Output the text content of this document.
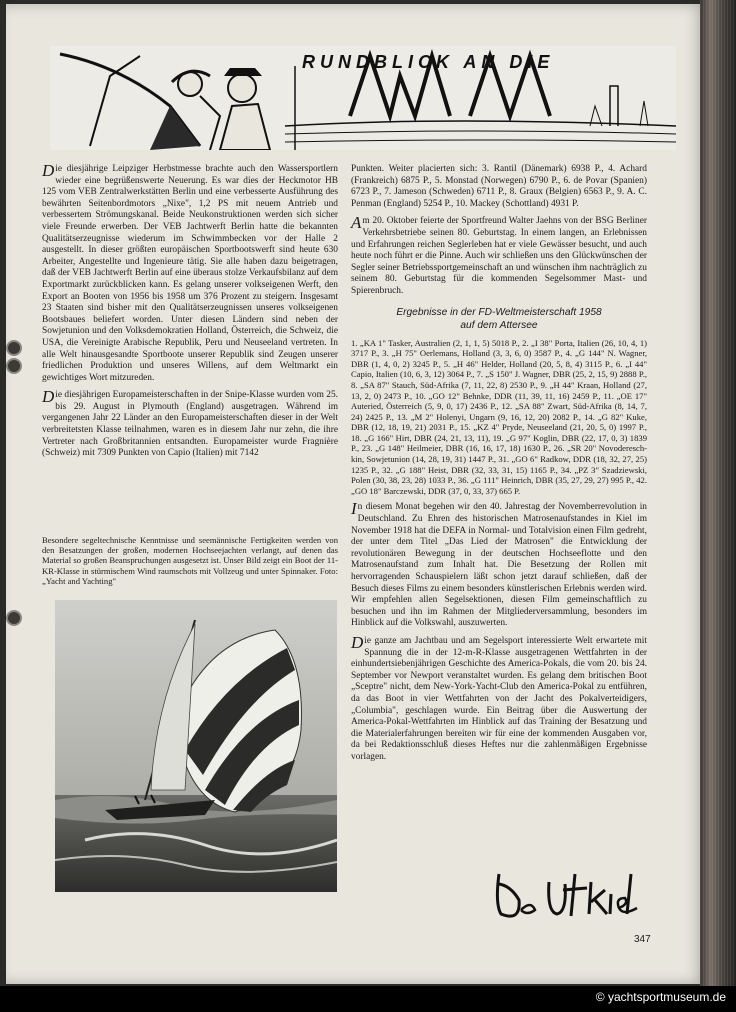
RUNDBLICK AN DIE

Die diesjährige Leipziger Herbstmesse brachte auch den Wassersportlern wieder eine begrüßenswerte Neuerung. Es war dies der Heckmotor HB 125 vom VEB Zentralwerkstätten Berlin und eine verbesserte Ausführung des bewährten Seitenbordmotors „Nixe", 1,2 PS mit neuem Antrieb und verbessertem Strömungskanal. Beide Neukonstruktionen werden sich sicher viele Freunde erwerben. Der VEB Jachtwerft Berlin hatte die bekannten Qualitätserzeugnisse wiederum im Schwimmbecken vor der Halle 2 ausgestellt. In dieser größten europäischen Sportbootswerft sind heute 630 Arbeiter, Angestellte und Ingenieure tätig. Sie alle haben dazu beigetragen, daß der VEB Jachtwerft Berlin auf eine überaus stolze Verkaufsbilanz auf dem Exportmarkt zurückblicken kann. Es gelang unserer volkseigenen Werft, den Export an Booten von 1956 bis 1958 um 376 Prozent zu steigern. Insgesamt 23 Staaten sind bisher mit den Qualitätserzeugnissen unseres volkseigenen Bootsbaues beliefert worden. Unter diesen Ländern sind neben der Sowjetunion und den Volksdemokratien Holland, Österreich, die Schweiz, die USA, die Vereinigte Arabische Republik, Peru und Neuseeland vertreten. In alle Welt hinausgesandte Sportboote unserer Republik sind Zeugen unserer friedlichen Produktion und unseres Willens, auf dem Weltmarkt ein gewichtiges Wort mitzureden.

Die diesjährigen Europameisterschaften in der Snipe-Klasse wurden vom 25. bis 29. August in Plymouth (England) ausgetragen. Während im vergangenen Jahr 22 Länder an den Europameisterschaften dieser in der Welt verbreitetsten Klasse teilnahmen, waren es in diesem Jahr nur zehn, die ihre Vertreter nach Großbritannien entsandten. Europameister wurde Fragnière (Schweiz) mit 7309 Punkten von Capio (Italien) mit 7142

Besondere segeltechnische Kenntnisse und seemännische Fertigkeiten werden von den Besatzungen der großen, modernen Hochseejachten verlangt, auf denen das Material so großen Beanspruchungen ausgesetzt ist. Unser Bild zeigt ein Boot der 11-KR-Klasse in stürmischem Wind raumschots mit Vollzeug und unter Spinnaker. Foto: „Yacht and Yachting"

Punkten. Weiter placierten sich: 3. Rantil (Dänemark) 6938 P., 4. Achard (Frankreich) 6875 P., 5. Monstad (Norwegen) 6790 P., 6. de Povar (Spanien) 6723 P., 7. Jameson (Schweden) 6711 P., 8. Graux (Belgien) 6563 P., 9. A. C. Penman (England) 5254 P., 10. Mackey (Schottland) 4931 P.

Am 20. Oktober feierte der Sportfreund Walter Jaehns von der BSG Berliner Verkehrsbetriebe seinen 80. Geburtstag. In einem langen, an Erlebnissen und Erfahrungen reichen Seglerleben hat er viele Gewässer besucht, und auch heute noch führt er die Pinne. Auch wir schließen uns den Glückwünschen der Segler seiner Betriebssportgemeinschaft an und wünschen ihm nachträglich zu seinem 80. Geburtstag für die kommenden Segelsommer Mast- und Spierenbruch.

Ergebnisse in der FD-Weltmeisterschaft 1958
auf dem Attersee

1. „KA 1" Tasker, Australien (2, 1, 1, 5) 5018 P., 2. „I 38" Porta, Italien (26, 10, 4, 1) 3717 P., 3. „H 75" Oerlemans, Holland (3, 3, 6, 0) 3587 P., 4. „G 144" N. Wagner, DBR (1, 4, 0, 2) 3245 P., 5. „H 46" Helder, Holland (20, 5, 8, 4) 3115 P., 6. „I 44" Capio, Italien (10, 6, 3, 12) 3064 P., 7. „S 150" J. Wagner, DBR (25, 2, 15, 9) 2888 P., 8. „SA 87" Stauch, Süd-Afrika (7, 11, 22, 8) 2530 P., 9. „H 44" Kraan, Holland (27, 13, 2, 0) 2473 P., 10. „GO 12" Behnke, DDR (11, 39, 11, 16) 2459 P., 11. „OE 17" Auteried, Österreich (5, 9, 0, 17) 2436 P., 12. „SA 88" Zwart, Süd-Afrika (8, 14, 7, 24) 2425 P., 13. „M 2" Holenyi, Ungarn (9, 16, 12, 20) 2082 P., 14. „G 82" Kuke, DBR (12, 18, 19, 21) 2031 P., 15. „KZ 4" Pryde, Neuseeland (21, 20, 5, 0) 1997 P., 18. „G 166" Hirt, DBR (24, 21, 13, 11), 19. „G 97" Koglin, DBR (22, 17, 0, 3) 1839 P., 23. „G 148" Heilmeier, DBR (16, 16, 17, 18) 1630 P., 26. „SR 20" Novodereschkin, Sowjetunion (14, 28, 19, 31) 1447 P., 31. „GO 6" Radkow, DDR (18, 32, 27, 25) 1235 P., 32. „G 188" Heist, DBR (32, 33, 31, 15) 1165 P., 34. „PZ 3" Szadziewski, Polen (30, 38, 23, 28) 1033 P., 36. „G 111" Heinrich, DBR (35, 27, 29, 27) 995 P., 42. „GO 18" Barczewski, DDR (37, 0, 33, 37) 665 P.

In diesem Monat begehen wir den 40. Jahrestag der Novemberrevolution in Deutschland. Zu Ehren des historischen Matrosenaufstandes in Kiel im November 1918 hat die DEFA in Normal- und Totalvision einen Film gedreht, der unter dem Titel „Das Lied der Matrosen" die Entwicklung der revolutionären Bewegung in der deutschen Hochseeflotte und den Matrosenaufstand zum Inhalt hat. Die Besetzung der Rollen mit hervorragenden Schauspielern läßt schon jetzt darauf schließen, daß der Besuch dieses Films zu einem besonders künstlerischen Erlebnis werden wird. Wir empfehlen allen Segelsektionen, diesen Film gemeinschaftlich zu besuchen und ihn im Rahmen der Mitgliederversammlung, besonders im Hinblick auf die Volkswahl, auszuwerten.

Die ganze am Jachtbau und am Segelsport interessierte Welt erwartete mit Spannung die in der 12-m-R-Klasse ausgetragenen Wettfahrten in der einhundertsiebenjährigen Geschichte des America-Pokals, die vom 20. bis 24. September vor Newport veranstaltet wurden. Es gelang dem britischen Boot „Sceptre" nicht, dem New-York-Yacht-Club den America-Pokal zu entführen, da das Boot in vier Wettfahrten von der Jacht des Pokalverteidigers, „Columbia", geschlagen wurde. Ein Beitrag über die Auswertung der America-Pokal-Wettfahrten im Hinblick auf das Training der Besatzung und die Materialerfahrungen bereiten wir für eine der kommenden Ausgaben vor, da bei Redaktionsschluß dieses Heftes nur die zahlenmäßigen Ergebnisse vorlagen.

347
© yachtsportmuseum.de
